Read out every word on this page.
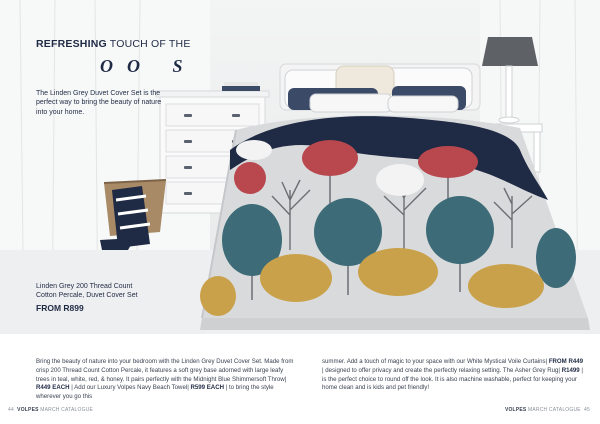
REFRESHING TOUCH OF THE
OO S
The Linden Grey Duvet Cover Set is the perfect way to bring the beauty of nature into your home.
Linden Grey 200 Thread Count Cotton Percale, Duvet Cover Set
FROM R899
Bring the beauty of nature into your bedroom with the Linden Grey Duvet Cover Set. Made from crisp 200 Thread Count Cotton Percale, it features a soft grey base adorned with large leafy trees in teal, white, red, & honey. It pairs perfectly with the Midnight Blue Shimmersoft Throw| R449 EACH | Add our Luxury Volpes Navy Beach Towel| R599 EACH | to bring the style wherever you go this
summer. Add a touch of magic to your space with our White Mystical Voile Curtains| FROM R449 | designed to offer privacy and create the perfectly relaxing setting. The Asher Grey Rug| R1499 | is the perfect choice to round off the look. It is also machine washable, perfect for keeping your home clean and is kids and pet friendly!
44 VOLPES MARCH CATALOGUE	VOLPES MARCH CATALOGUE 45
